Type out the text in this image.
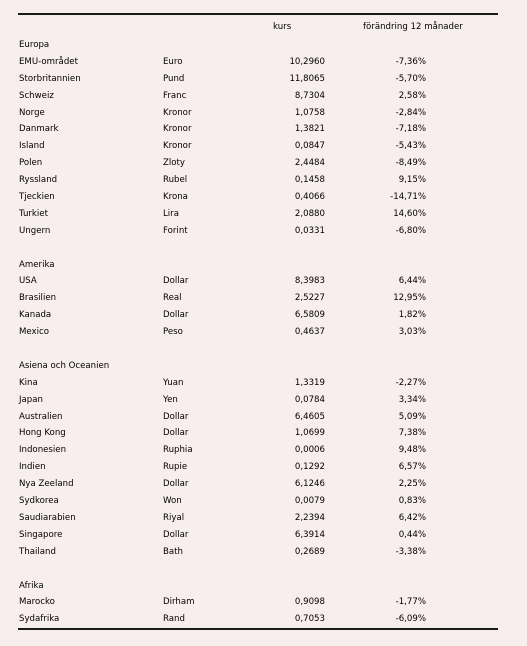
kurs	förändring 12 månader
Europa
EMU-området	Euro	10,2960	-7,36%
Storbritannien	Pund	11,8065	-5,70%
Schweiz	Franc	8,7304	2,58%
Norge	Kronor	1,0758	-2,84%
Danmark	Kronor	1,3821	-7,18%
Island	Kronor	0,0847	-5,43%
Polen	Zloty	2,4484	-8,49%
Ryssland	Rubel	0,1458	9,15%
Tjeckien	Krona	0,4066	-14,71%
Turkiet	Lira	2,0880	14,60%
Ungern	Forint	0,0331	-6,80%
Amerika
USA	Dollar	8,3983	6,44%
Brasilien	Real	2,5227	12,95%
Kanada	Dollar	6,5809	1,82%
Mexico	Peso	0,4637	3,03%
Asiena och Oceanien
Kina	Yuan	1,3319	-2,27%
Japan	Yen	0,0784	3,34%
Australien	Dollar	6,4605	5,09%
Hong Kong	Dollar	1,0699	7,38%
Indonesien	Ruphia	0,0006	9,48%
Indien	Rupie	0,1292	6,57%
Nya Zeeland	Dollar	6,1246	2,25%
Sydkorea	Won	0,0079	0,83%
Saudiarabien	Riyal	2,2394	6,42%
Singapore	Dollar	6,3914	0,44%
Thailand	Bath	0,2689	-3,38%
Afrika
Marocko	Dirham	0,9098	-1,77%
Sydafrika	Rand	0,7053	-6,09%
